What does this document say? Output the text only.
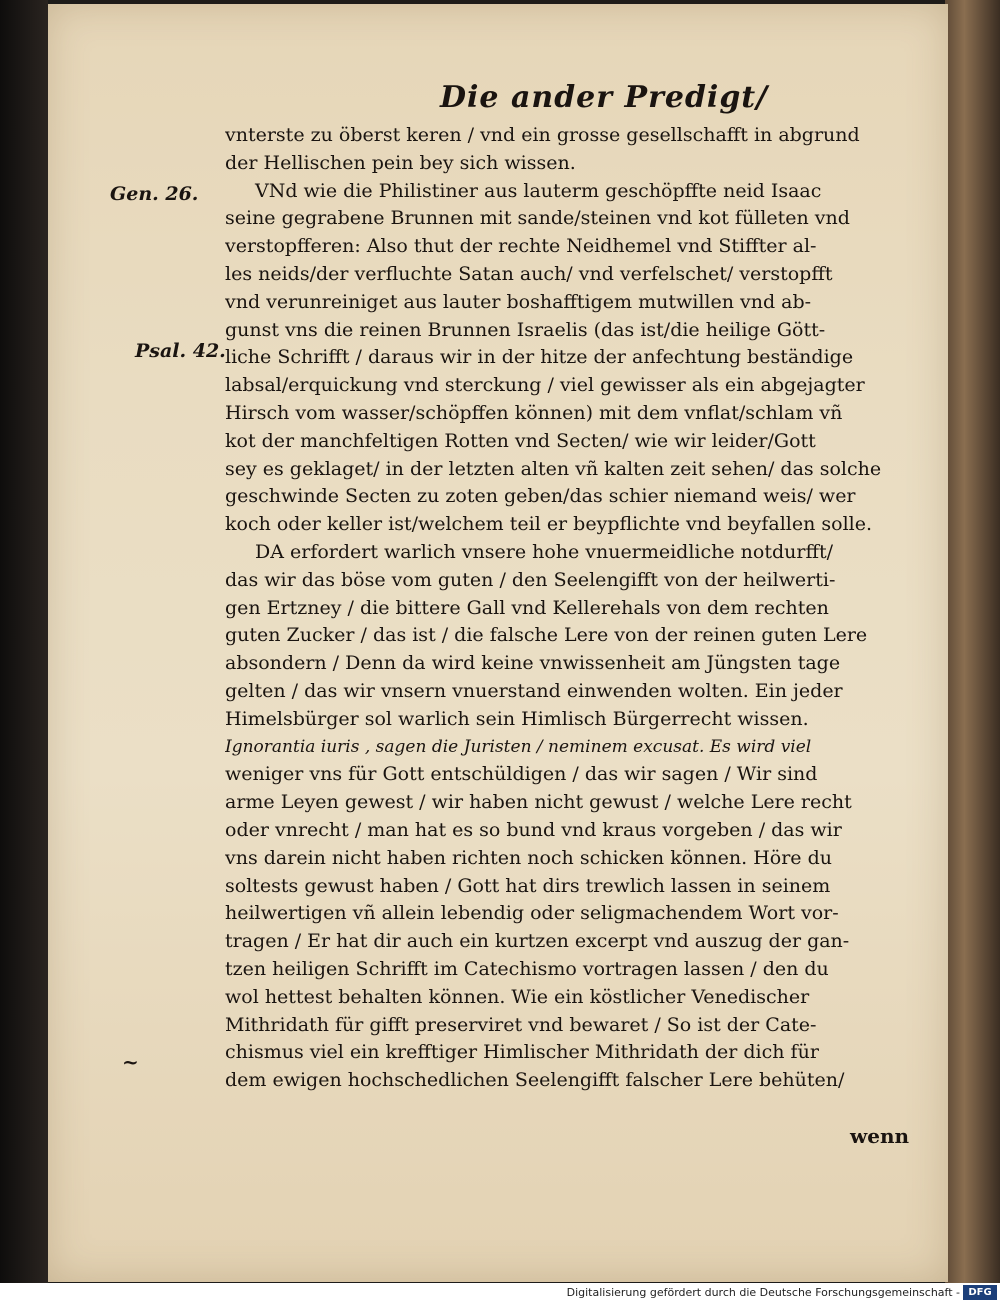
Die ander Predigt/
Gen. 26.
Psal. 42.
~
vnterste zu öberst keren / vnd ein grosse gesellschafft in abgrund
der Hellischen pein bey sich wissen.
VNd wie die Philistiner aus lauterm geschöpffte neid Isaac
seine gegrabene Brunnen mit sande/steinen vnd kot fülleten vnd
verstopfferen: Also thut der rechte Neidhemel vnd Stiffter al-
les neids/der verfluchte Satan auch/ vnd verfelschet/ verstopfft
vnd verunreiniget aus lauter boshafftigem mutwillen vnd ab-
gunst vns die reinen Brunnen Israelis (das ist/die heilige Gött-
liche Schrifft / daraus wir in der hitze der anfechtung beständige
labsal/erquickung vnd sterckung / viel gewisser als ein abgejagter
Hirsch vom wasser/schöpffen können) mit dem vnflat/schlam vñ
kot der manchfeltigen Rotten vnd Secten/ wie wir leider/Gott
sey es geklaget/ in der letzten alten vñ kalten zeit sehen/ das solche
geschwinde Secten zu zoten geben/das schier niemand weis/ wer
koch oder keller ist/welchem teil er beypflichte vnd beyfallen solle.
DA erfordert warlich vnsere hohe vnuermeidliche notdurfft/
das wir das böse vom guten / den Seelengifft von der heilwerti-
gen Ertzney / die bittere Gall vnd Kellerehals von dem rechten
guten Zucker / das ist / die falsche Lere von der reinen guten Lere
absondern / Denn da wird keine vnwissenheit am Jüngsten tage
gelten / das wir vnsern vnuerstand einwenden wolten. Ein jeder
Himelsbürger sol warlich sein Himlisch Bürgerrecht wissen.
Ignorantia iuris , sagen die Juristen / neminem excusat. Es wird viel
weniger vns für Gott entschüldigen / das wir sagen / Wir sind
arme Leyen gewest / wir haben nicht gewust / welche Lere recht
oder vnrecht / man hat es so bund vnd kraus vorgeben / das wir
vns darein nicht haben richten noch schicken können. Höre du
soltests gewust haben / Gott hat dirs trewlich lassen in seinem
heilwertigen vñ allein lebendig oder seligmachendem Wort vor-
tragen / Er hat dir auch ein kurtzen excerpt vnd auszug der gan-
tzen heiligen Schrifft im Catechismo vortragen lassen / den du
wol hettest behalten können. Wie ein köstlicher Venedischer
Mithridath für gifft preserviret vnd bewaret / So ist der Cate-
chismus viel ein krefftiger Himlischer Mithridath der dich für
dem ewigen hochschedlichen Seelengifft falscher Lere behüten/
wenn
Digitalisierung gefördert durch die Deutsche Forschungsgemeinschaft - DFG
